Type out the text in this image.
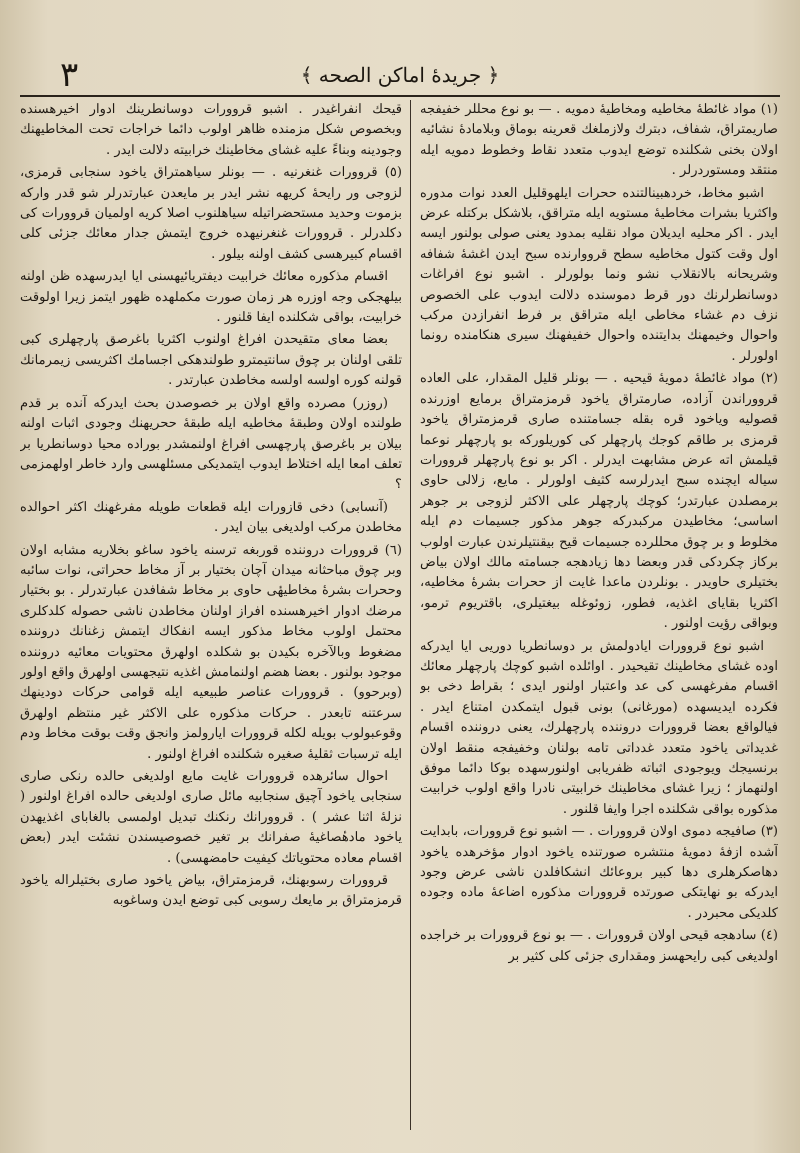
٣	﴿ جريدهٔ اماكن الصحه ﴾

(١) مواد غائطهٔ مخاطيه ومخاطيهٔ دمويه . — بو نوع محللر خفيفجه صاريمتراق، شفاف، دبترك ولازملغك قعرينه بوماق وبلامادهٔ نشائيه اولان بخنی شكلنده توضع ايدوب متعدد نقاط وخطوط دمويه ايله منتقد ومستوردرلر .

اشبو مخاط، خردهبينالتنده ححرات ايلهوقليل العدد نوات مدوره واكثريا بشرات مخاطيهٔ مستويه ايله متراقق، بلاشكل بركتله عرض ايدر . اكر محليه ايديلان مواد نقليه بمدود يعنی صولی بولنور ايسه اول وقت كتول مخاطيه سطح قرووارنده سبح ايدن اغشهٔ شفافه وشريحانه بالانقلاب نشو ونما بولورلر . اشبو نوع افراغات دوسانطرلرنك دور قرط دموسنده دلالت ايدوب على الخصوص نزف دم غشاء مخاطی ايله متراقق بر فرط انفرازدن مركب واحوال وخيمهنك بدايتنده واحوال خفيفهنك سيری هنكامنده رونما اولورلر .

(٢) مواد غائطهٔ دمويهٔ قيحيه . — بونلر قليل المقدار، على العاده قرووراندن آزاده، صارمتراق ياخود قرمزمتراق برمايع اوزرنده قصوليه وياخود قره بقله جسامتنده صاری قرمزمتراق ياخود قرمزی بر طاقم كوجك پارچهلر كی كوريلوركه بو پارچهلر نوعما قيلمش اته عرض مشابهت ايدرلر . اكر بو نوع پارچهلر قروورات سياله ايچنده سبح ايدرلرسه كثيف اولورلر . مايع، زلالی حاوی برمصلدن عبارتدر؛ كوچك پارچهلر على الاكثر لزوجی بر جوهر اساسی؛ مخاطيدن مركبدركه جوهر مذكور جسيمات دم ايله مخلوط و بر چوق محللرده جسيمات قيح بيقنتيلرندن عبارت اولوب بركاز چكردكی قدر وبعضا دها زيادهجه جسامته مالك اولان بياض بختيلری حاويدر . بونلردن ماعدا غايت از ححرات بشرهٔ مخاطيه، اكثريا بقايای اغذيه، فطور، زوئوغله بيغتيلری، باقتريوم ترمو، وبواقی رؤيت اولنور .

اشبو نوع قروورات ايادولمش بر دوسانطريا دوريی ايا ايدركه اوده غشای مخاطينك تقيحيدر . اوائلده اشبو كوچك پارچهلر معائك اقسام مفرغهسی كی عد واعتبار اولنور ايدی ؛ بقراط دخی بو فكرده ايديسهده (مورغانی) بونی قبول ايتمكدن امتناع ايدر . فیالواقع بعضا قروورات دروننده پارچهلرك، يعنی دروننده اقسام غديداتی ياخود متعدد غدداتی تامه بولنان وخفيفجه منقط اولان برنسيجك ويوجودی اثباته ظفريابی اولنورسهده بوكا دائما موفق اولنهماز ؛ زيرا غشای مخاطينك خرابيتی نادرا واقع اولوب خرابيت مذكوره بواقی شكلنده اجرا وايفا قلنور .

(٣) صافيجه دموی اولان قروورات . — اشبو نوع قروورات، بابدايت آشده ازفهٔ دمويهٔ منتشره صورتنده ياخود ادوار مؤخرهده ياخود دهاصكرهلری دها كبير بروعائك انشكافلدن ناشی عرض وجود ايدركه بو نهايتكی صورتده قروورات مذكوره اضاعهٔ ماده وجوده كلديكی محبردر .

(٤) سادهجه قيحی اولان قروورات . — بو نوع قروورات بر خراجده اولديغی كبی رايحهسز ومقداری جزئی كلی كثير بر

قيحك انفراغيدر . اشبو قروورات دوسانطرينك ادوار اخيرهسنده وبخصوص شكل مزمنده ظاهر اولوب دائما خراجات تحت المخاطيهنك وجودينه وبناءً عليه غشای مخاطينك خرابيته دلالت ايدر .

(٥) قروورات غنغرنيه . — بونلر سياهمتراق ياخود سنجابی قرمزی، لزوجی ور رايحهٔ كريهه نشر ايدر بر مايعدن عبارتدرلر شو قدر واركه بزموت وحديد مستحضراتيله سياهلنوب اصلا كريه اولميان قروورات كی دكلدرلر . قروورات غنغرنيهده خروج ايتمش جدار معائك جزئی كلی اقسام كبيرهسی كشف اولنه بيلور .

اقسام مذكوره معائك خرابيت ديفتريائيهسنی ايا ايدرسهده ظن اولنه بيلهجكی وجه اوزره هر زمان صورت مكملهده ظهور ايتمز زيرا اولوقت خرابيت، بواقی شكلنده ايفا قلنور .

بعضا معای متقيحدن افراغ اولنوب اكثريا باغرصق پارچهلری كبی تلقی اولنان بر چوق سانتيمترو طولندهكی اجسامك اكثريسی زيمرمانك قولنه كوره اولسه اولسه مخاطدن عبارتدر .

(روزر) مصرده واقع اولان بر خصوصدن بحث ايدركه آنده بر قدم طولنده اولان وطبقهٔ مخاطيه ايله طبقهٔ ححريهنك وجودی اثبات اولنه بيلان بر باغرصق پارچهسی افراغ اولنمشدر بوراده محيا دوسانطريا بر تعلف امعا ايله اختلاط ايدوب ايتمديكی مسئلهسی وارد خاطر اولهمزمی ؟

(آنسابی) دخی قازورات ايله قطعات طويله مفرغهنك اكثر احوالده مخاطدن مركب اولديغی بيان ايدر .

(٦) قروورات دروننده قوربغه ترسنه ياخود ساغو بخلاريه مشابه اولان وبر چوق مباحثانه ميدان آچان بختيار بر آز مخاط ححراتی، نوات سائبه وححرات بشرهٔ مخاطيهٔی حاوی بر مخاط شفافدن عبارتدرلر . بو بختيار مرضك ادوار اخيرهسنده افراز اولنان مخاطدن ناشی حصوله كلدكلری محتمل اولوب مخاط مذكور ايسه انفكاك ايتمش زغنانك دروننده مضغوط وبالآخره بكيدن بو شكلده اولهرق محتويات معائيه دروننده موجود بولنور . بعضا هضم اولنمامش اغذيه نتيجهسی اولهرق واقع اولور (وبرحوو) . قروورات عناصر طبيعيه ايله قوامی حركات دودينهك سرعتنه تابعدر . حركات مذكوره على الاكثر غير منتظم اولهرق وقوعبولوب بويله لكله قروورات ايارولمز وانجق وقت بوقت مخاط ودم ايله ترسبات ثقليهٔ صغيره شكلنده افراغ اولنور .

احوال سائرهده قروورات غايت مايع اولديغی حالده رنكی صاری سنجابی ياخود آچيق سنجابيه مائل صاری اولديغی حالده افراغ اولنور ( نزلهٔ اثنا عشر ) . قروورانك رنكنك تبديل اولمسی بالغابای اغذيهدن ياخود مادهٔصاغيهٔ صفرانك بر تغير خصوصيسندن نشئت ايدر (بعض اقسام معاده محتوياتك كيفيت حامضهسی) .

قروورات رسوبهنك، قرمزمتراق، بياض ياخود صاری بختيلراله ياخود قرمزمتراق بر مايعك رسوبی كبی توضع ايدن وساغوبه
